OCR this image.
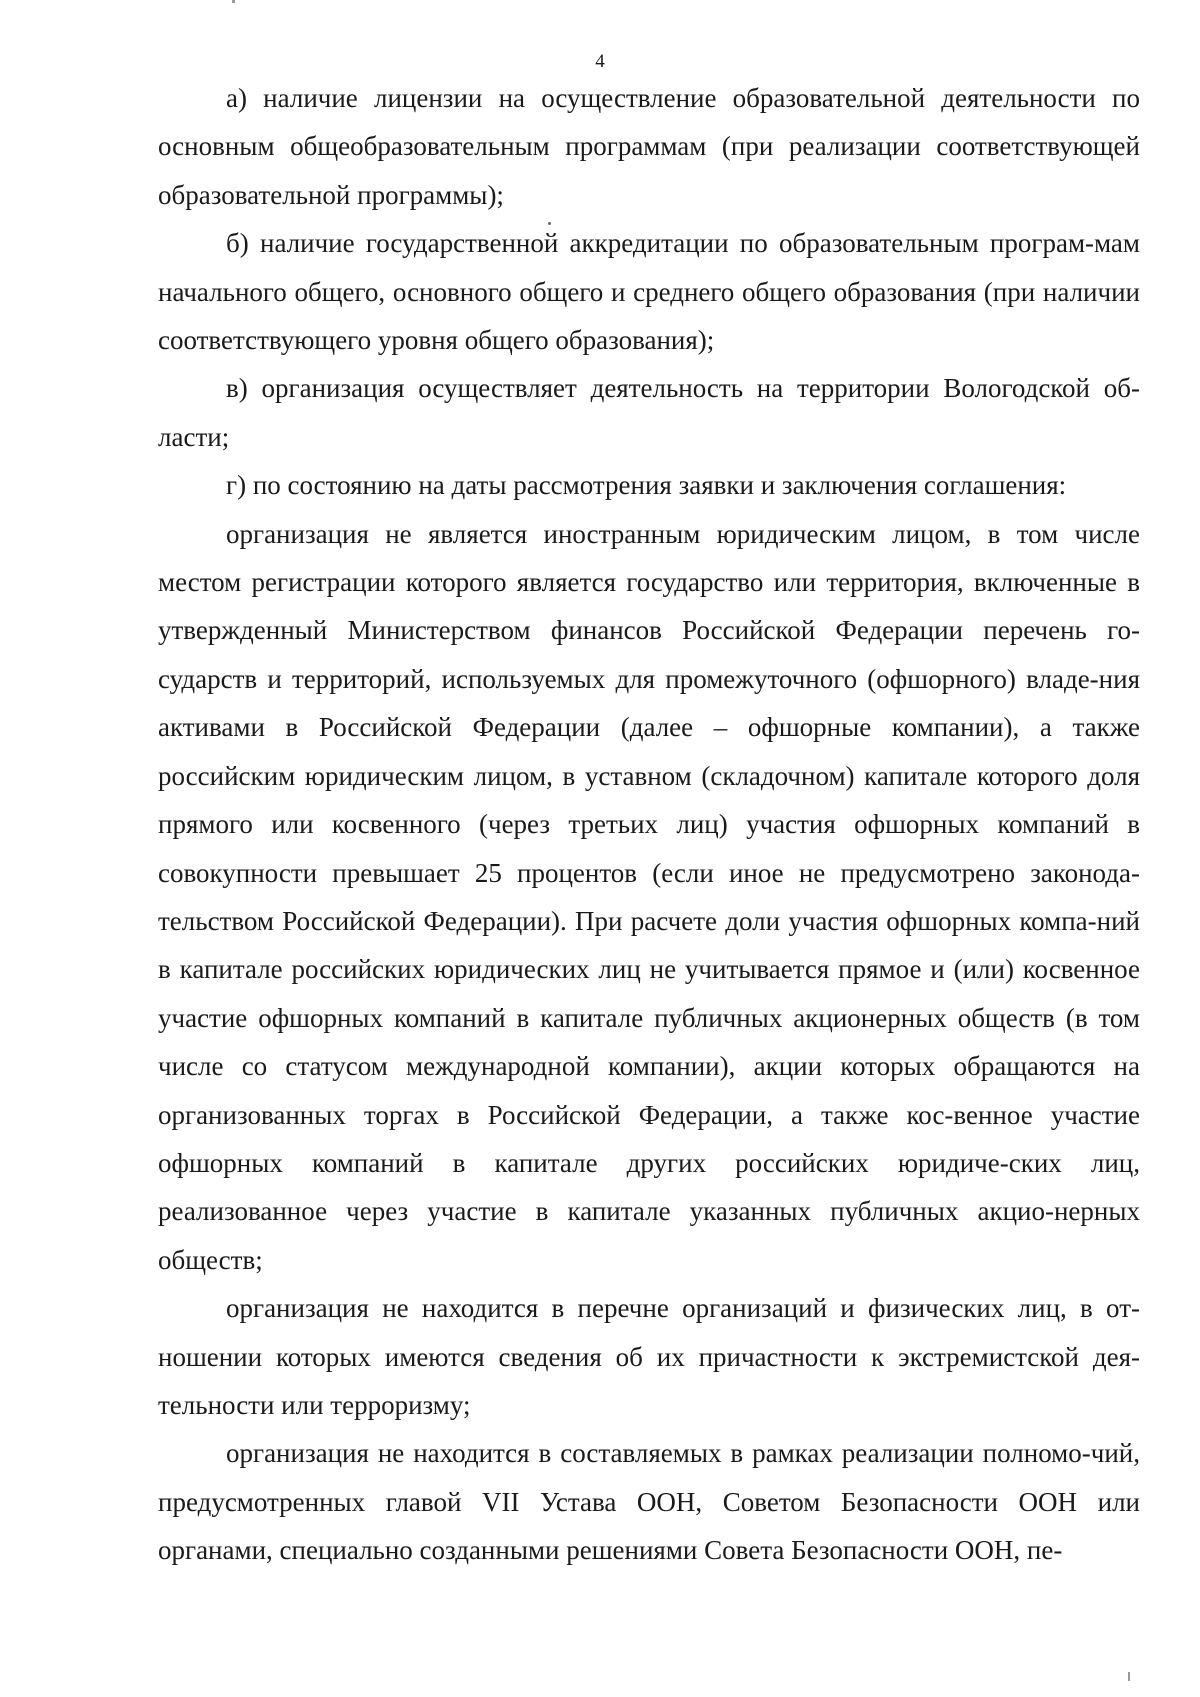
4

а) наличие лицензии на осуществление образовательной деятельности по основным общеобразовательным программам (при реализации соответствующей образовательной программы);

б) наличие государственной аккредитации по образовательным програм-мам начального общего, основного общего и среднего общего образования (при наличии соответствующего уровня общего образования);

в) организация осуществляет деятельность на территории Вологодской об-ласти;

г) по состоянию на даты рассмотрения заявки и заключения соглашения:

организация не является иностранным юридическим лицом, в том числе местом регистрации которого является государство или территория, включенные в утвержденный Министерством финансов Российской Федерации перечень го-сударств и территорий, используемых для промежуточного (офшорного) владе-ния активами в Российской Федерации (далее – офшорные компании), а также российским юридическим лицом, в уставном (складочном) капитале которого доля прямого или косвенного (через третьих лиц) участия офшорных компаний в совокупности превышает 25 процентов (если иное не предусмотрено законода-тельством Российской Федерации). При расчете доли участия офшорных компа-ний в капитале российских юридических лиц не учитывается прямое и (или) косвенное участие офшорных компаний в капитале публичных акционерных обществ (в том числе со статусом международной компании), акции которых обращаются на организованных торгах в Российской Федерации, а также кос-венное участие офшорных компаний в капитале других российских юридиче-ских лиц, реализованное через участие в капитале указанных публичных акцио-нерных обществ;

организация не находится в перечне организаций и физических лиц, в от-ношении которых имеются сведения об их причастности к экстремистской дея-тельности или терроризму;

организация не находится в составляемых в рамках реализации полномо-чий, предусмотренных главой VII Устава ООН, Советом Безопасности ООН или органами, специально созданными решениями Совета Безопасности ООН, пе-
